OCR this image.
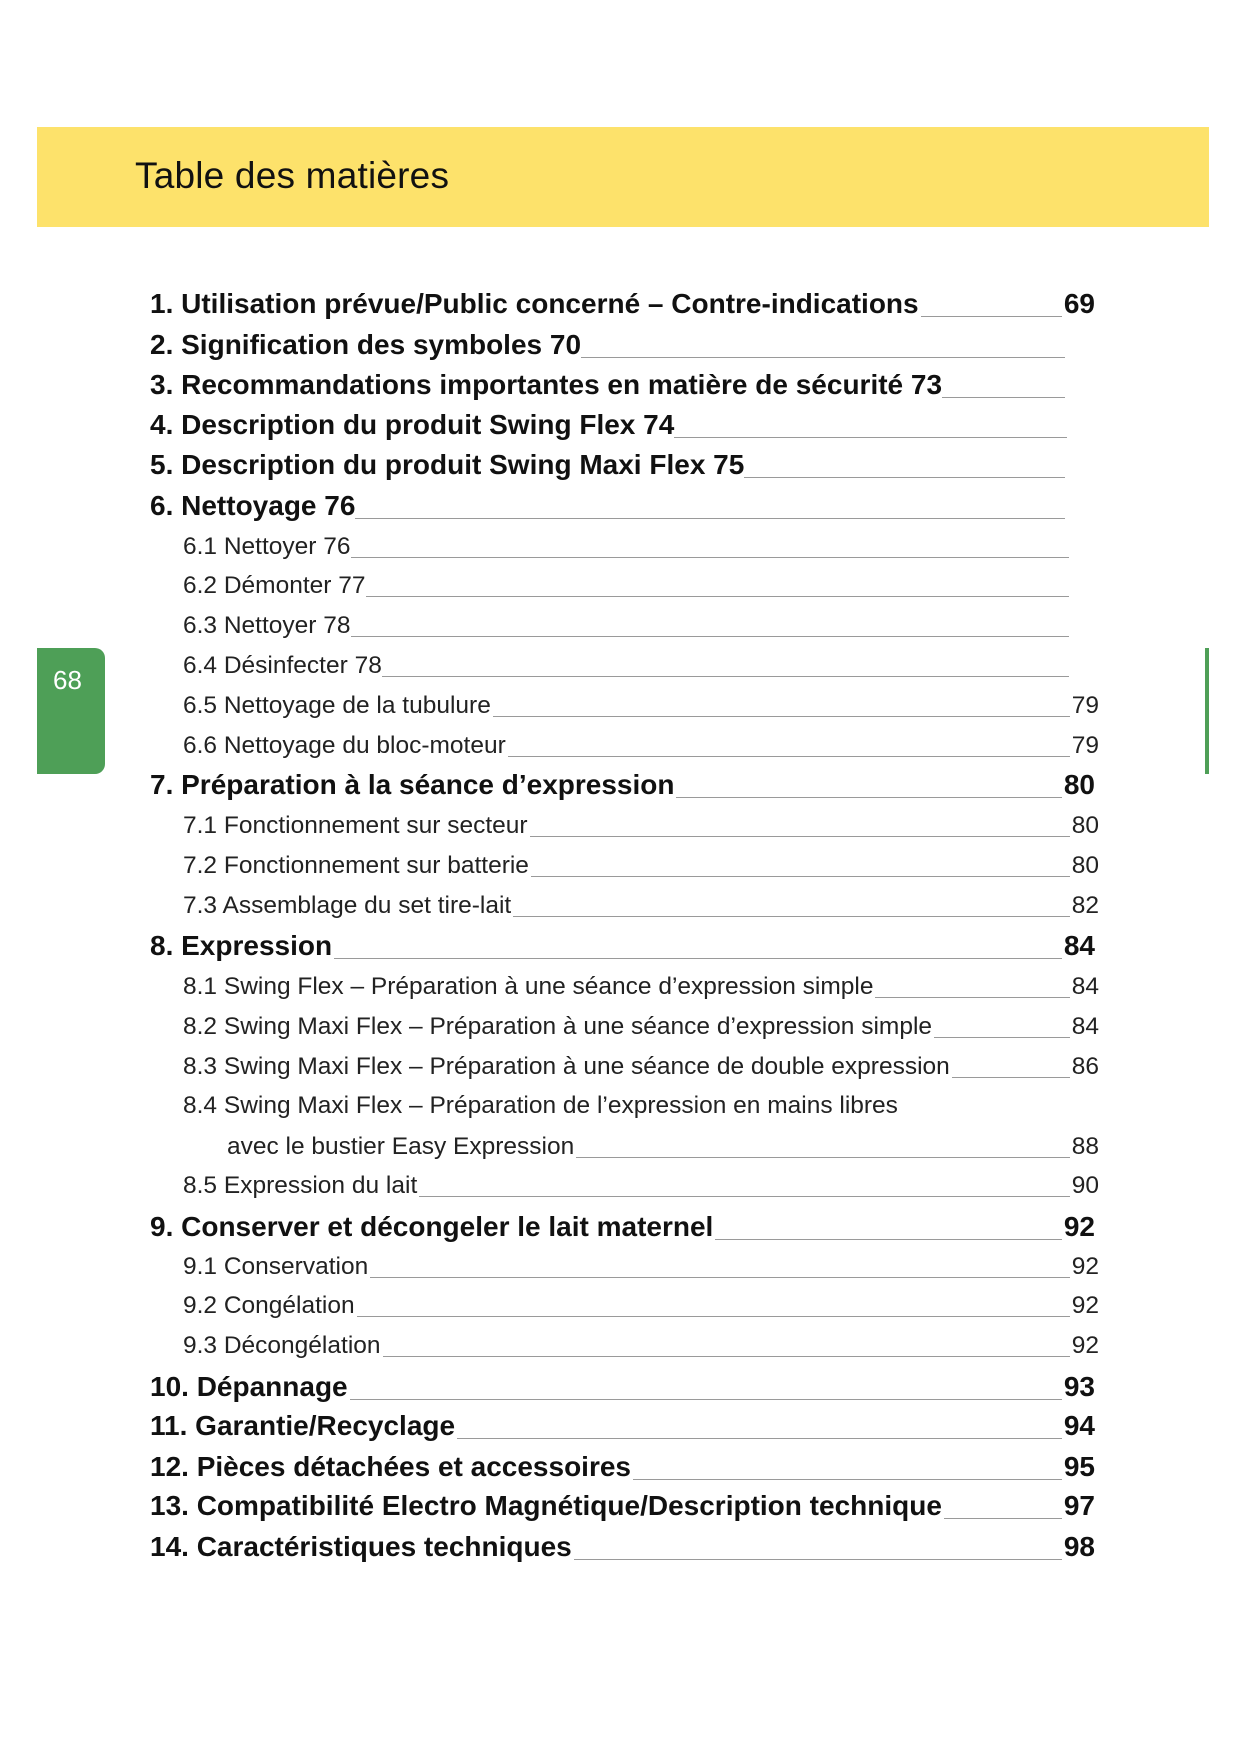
Table des matières
68
1. Utilisation prévue/Public concerné – Contre-indications	69
2. Signification des symboles 70
3. Recommandations importantes en matière de sécurité 73
4. Description du produit Swing Flex 74
5. Description du produit Swing Maxi Flex 75
6. Nettoyage 76
6.1 Nettoyer 76
6.2 Démonter 77
6.3 Nettoyer 78
6.4 Désinfecter 78
6.5 Nettoyage de la tubulure	79
6.6 Nettoyage du bloc-moteur	79
7. Préparation à la séance d’expression	80
7.1 Fonctionnement sur secteur	80
7.2 Fonctionnement sur batterie	80
7.3 Assemblage du set tire-lait	82
8. Expression	84
8.1 Swing Flex – Préparation à une séance d’expression simple	84
8.2 Swing Maxi Flex – Préparation à une séance d’expression simple	84
8.3 Swing Maxi Flex – Préparation à une séance de double expression	86
8.4 Swing Maxi Flex – Préparation de l’expression en mains libres
avec le bustier Easy Expression	88
8.5 Expression du lait	90
9. Conserver et décongeler le lait maternel	92
9.1 Conservation	92
9.2 Congélation	92
9.3 Décongélation	92
10. Dépannage	93
11. Garantie/Recyclage	94
12. Pièces détachées et accessoires	95
13. Compatibilité Electro Magnétique/Description technique	97
14. Caractéristiques techniques	98
